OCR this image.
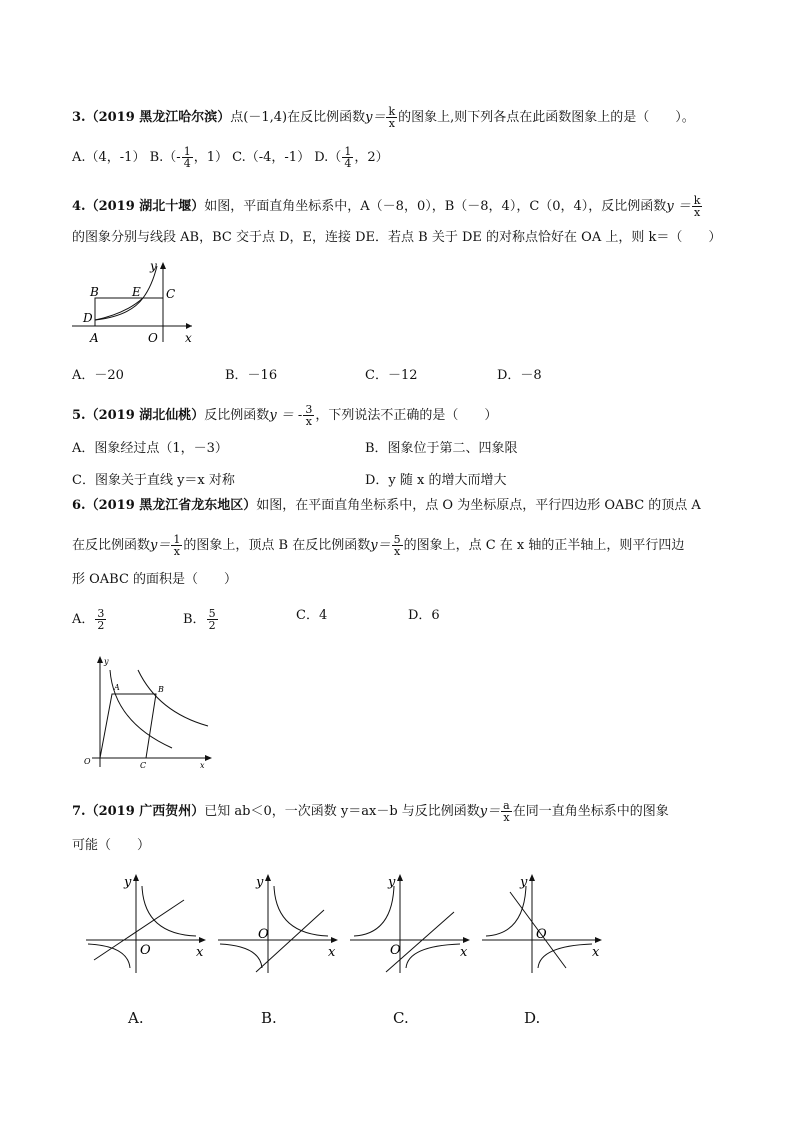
3.（2019 黑龙江哈尔滨）点(－1,4)在反比例函数$y= \frac{k}{x}$ 的图象上,则下列各点在此函数图象上的是（　　）。
A.（4，-1） $B.(- \frac{1}{4}$ ，1） C.（-4，-1） $D.( \frac{1}{4}$ ，2）
4.（2019 湖北十堰）如图，平面直角坐标系中，A（－8，0），B（－8，4），C（0，4），反比例函数$y = \frac{k}{x}$
的图象分别与线段 AB，BC 交于点 D，E，连接 DE．若点 B 关于 DE 的对称点恰好在 OA 上，则 k＝（　　）
B	E C
D
A	O x
y
A．－20	B．－16	C．－12	D．－8
5.（2019 湖北仙桃）反比例函数y ＝ - $\frac{3}{x}$ ，下列说法不正确的是（　　）
A．图象经过点（1，－3）	B．图象位于第二、四象限
C．图象关于直线 y＝x 对称	D．y 随 x 的增大而增大
6.（2019 黑龙江省龙东地区）如图，在平面直角坐标系中，点 O 为坐标原点，平行四边形 OABC 的顶点 A
在反比例函数$y= \frac{1}{x}$ 的图象上，顶点 B 在反比例函数$y= \frac{5}{x}$ 的图象上，点 C 在 x 轴的正半轴上，则平行四边
形 OABC 的面积是（　　）
A． $\frac{3}{2}$	B． $\frac{5}{2}$	C．4	D．6
y
A	B
O	C	x
7.（2019 广西贺州）已知 ab＜0，一次函数 y＝ax－b 与反比例函数$y= \frac{a}{x}$ 在同一直角坐标系中的图象
可能（　　）
y
O	x
y
O
x
y
O	x
y
O
x
A.	B.	C.	D.
